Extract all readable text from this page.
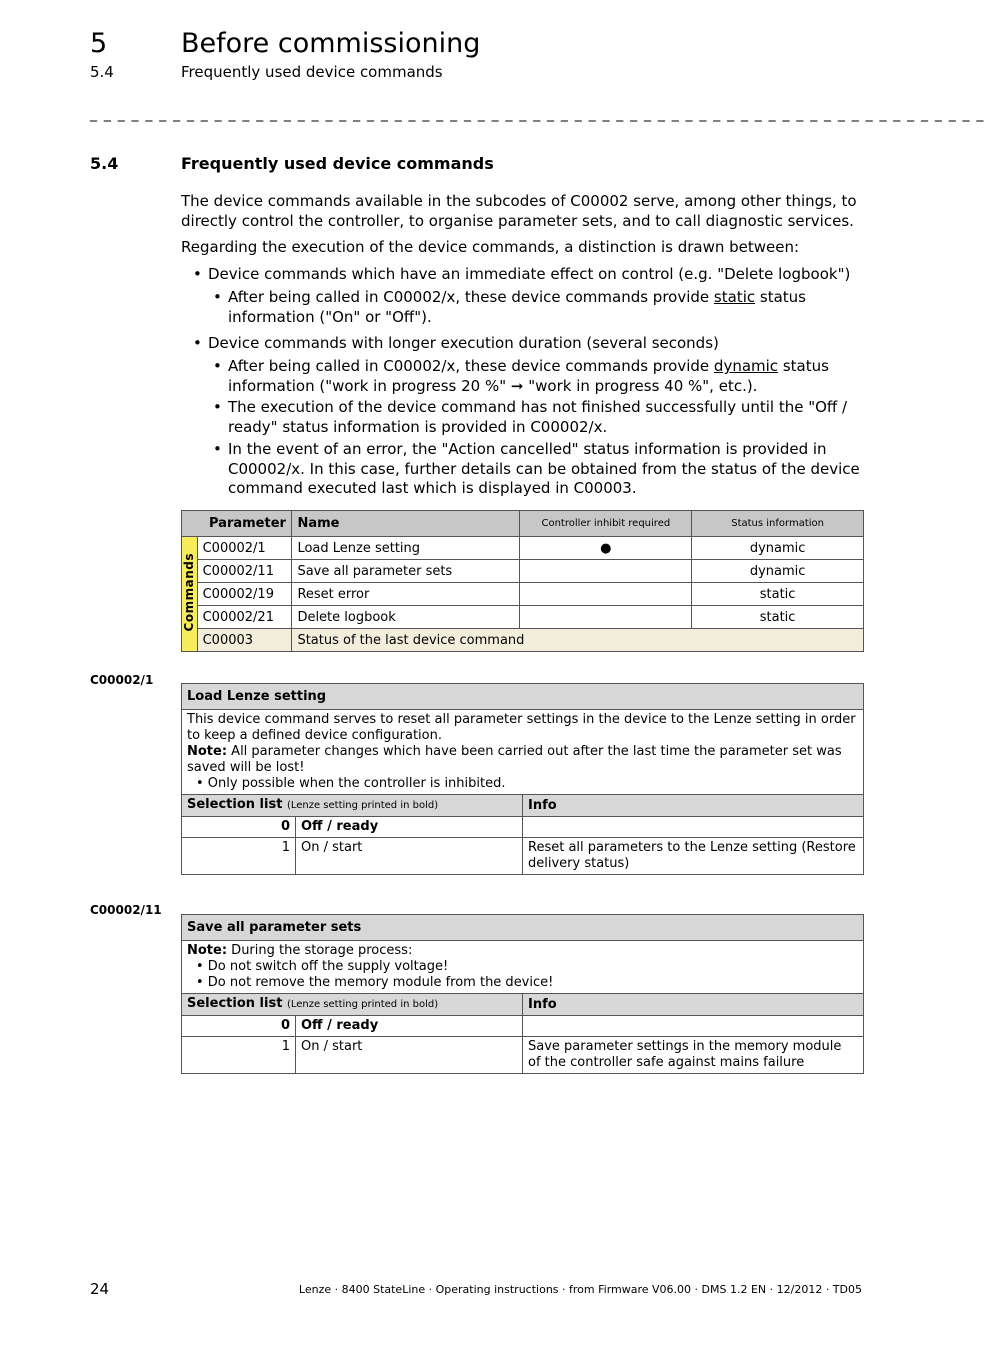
5	Before commissioning
5.4	Frequently used device commands
_ _ _ _ _ _ _ _ _ _ _ _ _ _ _ _ _ _ _ _ _ _ _ _ _ _ _ _ _ _ _ _ _ _ _ _ _ _ _ _ _ _ _ _ _ _ _ _ _ _ _ _ _ _ _ _ _ _ _ _ _ _ _ _ _
5.4	Frequently used device commands
The device commands available in the subcodes of C00002 serve, among other things, to directly control the controller, to organise parameter sets, and to call diagnostic services.
Regarding the execution of the device commands, a distinction is drawn between:
• Device commands which have an immediate effect on control (e.g. "Delete logbook")
• After being called in C00002/x, these device commands provide static status information ("On" or "Off").
• Device commands with longer execution duration (several seconds)
• After being called in C00002/x, these device commands provide dynamic status information ("work in progress 20 %" ➞ "work in progress 40 %", etc.).
• The execution of the device command has not finished successfully until the "Off / ready" status information is provided in C00002/x.
• In the event of an error, the "Action cancelled" status information is provided in C00002/x. In this case, further details can be obtained from the status of the device command executed last which is displayed in C00003.
Parameter		Name	Controller inhibit required	Status information
Commands	C00002/1	Load Lenze setting	●	dynamic
	C00002/11	Save all parameter sets		dynamic
	C00002/19	Reset error		static
	C00002/21	Delete logbook		static
	C00003	Status of the last device command		
C00002/1
Load Lenze setting		

This device command serves to reset all parameter settings in the device to the Lenze setting in order to keep a defined device configuration.
Note: All parameter changes which have been carried out after the last time the parameter set was saved will be lost!
• Only possible when the controller is inhibited.		

Selection list (Lenze setting printed in bold)		Info
0	Off / ready	
1	On / start	Reset all parameters to the Lenze setting (Restore delivery status)
C00002/11
Save all parameter sets		

Note: During the storage process:
• Do not switch off the supply voltage!
• Do not remove the memory module from the device!		

Selection list (Lenze setting printed in bold)		Info
0	Off / ready	
1	On / start	Save parameter settings in the memory module of the controller safe against mains failure
24	Lenze · 8400 StateLine · Operating instructions · from Firmware V06.00 · DMS 1.2 EN · 12/2012 · TD05
